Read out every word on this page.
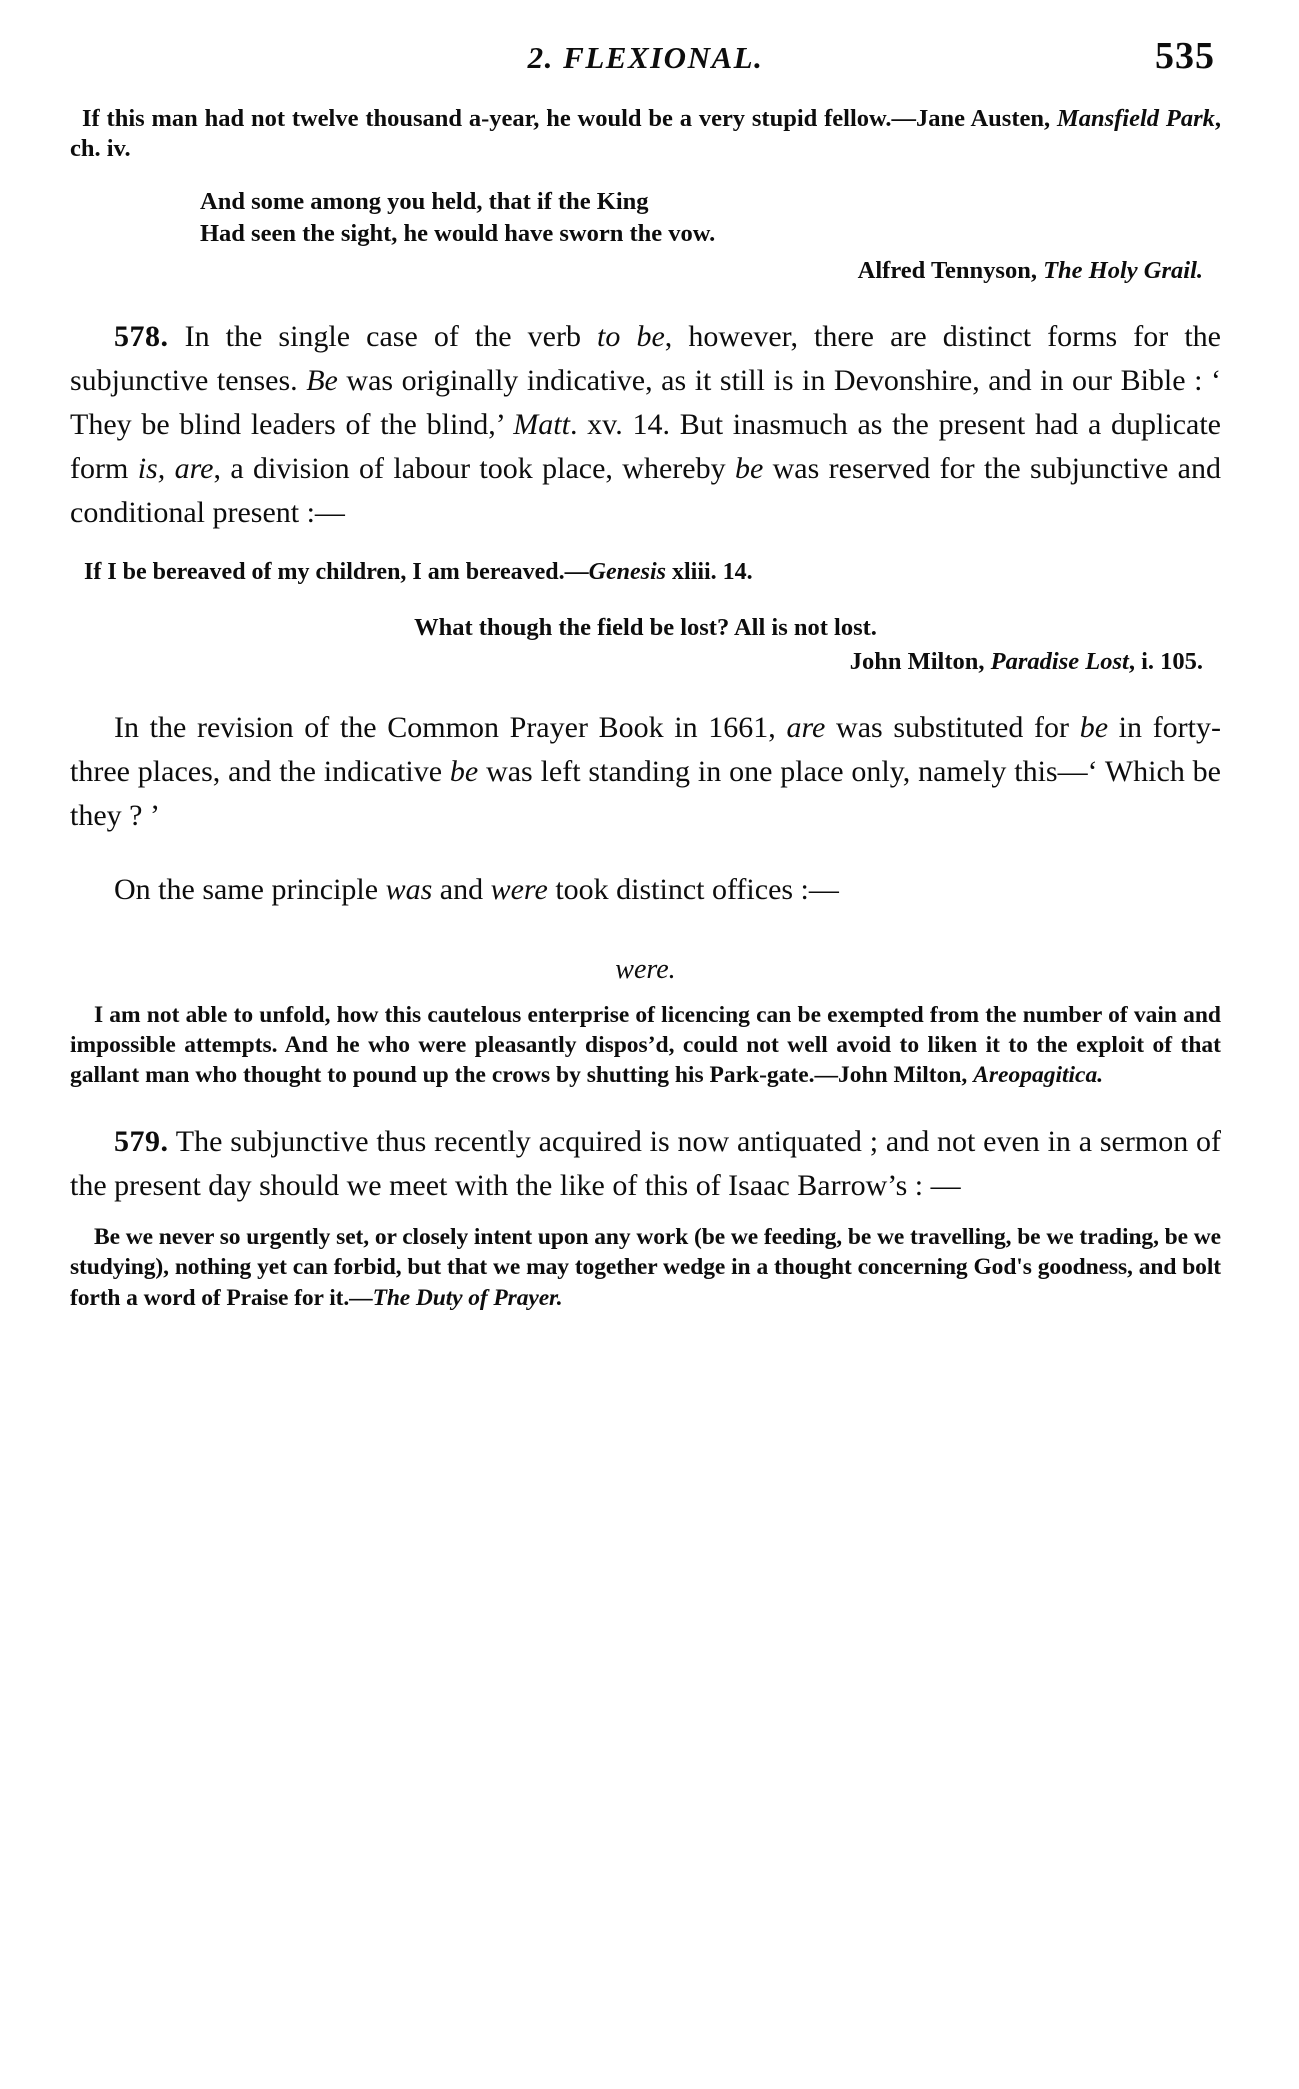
2. FLEXIONAL.	535

If this man had not twelve thousand a-year, he would be a very stupid fellow.—Jane Austen, Mansfield Park, ch. iv.

And some among you held, that if the King
Had seen the sight, he would have sworn the vow.

Alfred Tennyson, The Holy Grail.

578. In the single case of the verb to be, however, there are distinct forms for the subjunctive tenses. Be was originally indicative, as it still is in Devonshire, and in our Bible : ‘ They be blind leaders of the blind,’ Matt. xv. 14. But inasmuch as the present had a duplicate form is, are, a division of labour took place, whereby be was reserved for the subjunctive and conditional present :—

If I be bereaved of my children, I am bereaved.—Genesis xliii. 14.

What though the field be lost? All is not lost.

John Milton, Paradise Lost, i. 105.

In the revision of the Common Prayer Book in 1661, are was substituted for be in forty-three places, and the indicative be was left standing in one place only, namely this—‘ Which be they ? ’

On the same principle was and were took distinct offices :—

were.

I am not able to unfold, how this cautelous enterprise of licencing can be exempted from the number of vain and impossible attempts. And he who were pleasantly dispos’d, could not well avoid to liken it to the exploit of that gallant man who thought to pound up the crows by shutting his Park-gate.—John Milton, Areopagitica.

579. The subjunctive thus recently acquired is now antiquated ; and not even in a sermon of the present day should we meet with the like of this of Isaac Barrow’s : —

Be we never so urgently set, or closely intent upon any work (be we feeding, be we travelling, be we trading, be we studying), nothing yet can forbid, but that we may together wedge in a thought concerning God's goodness, and bolt forth a word of Praise for it.—The Duty of Prayer.
